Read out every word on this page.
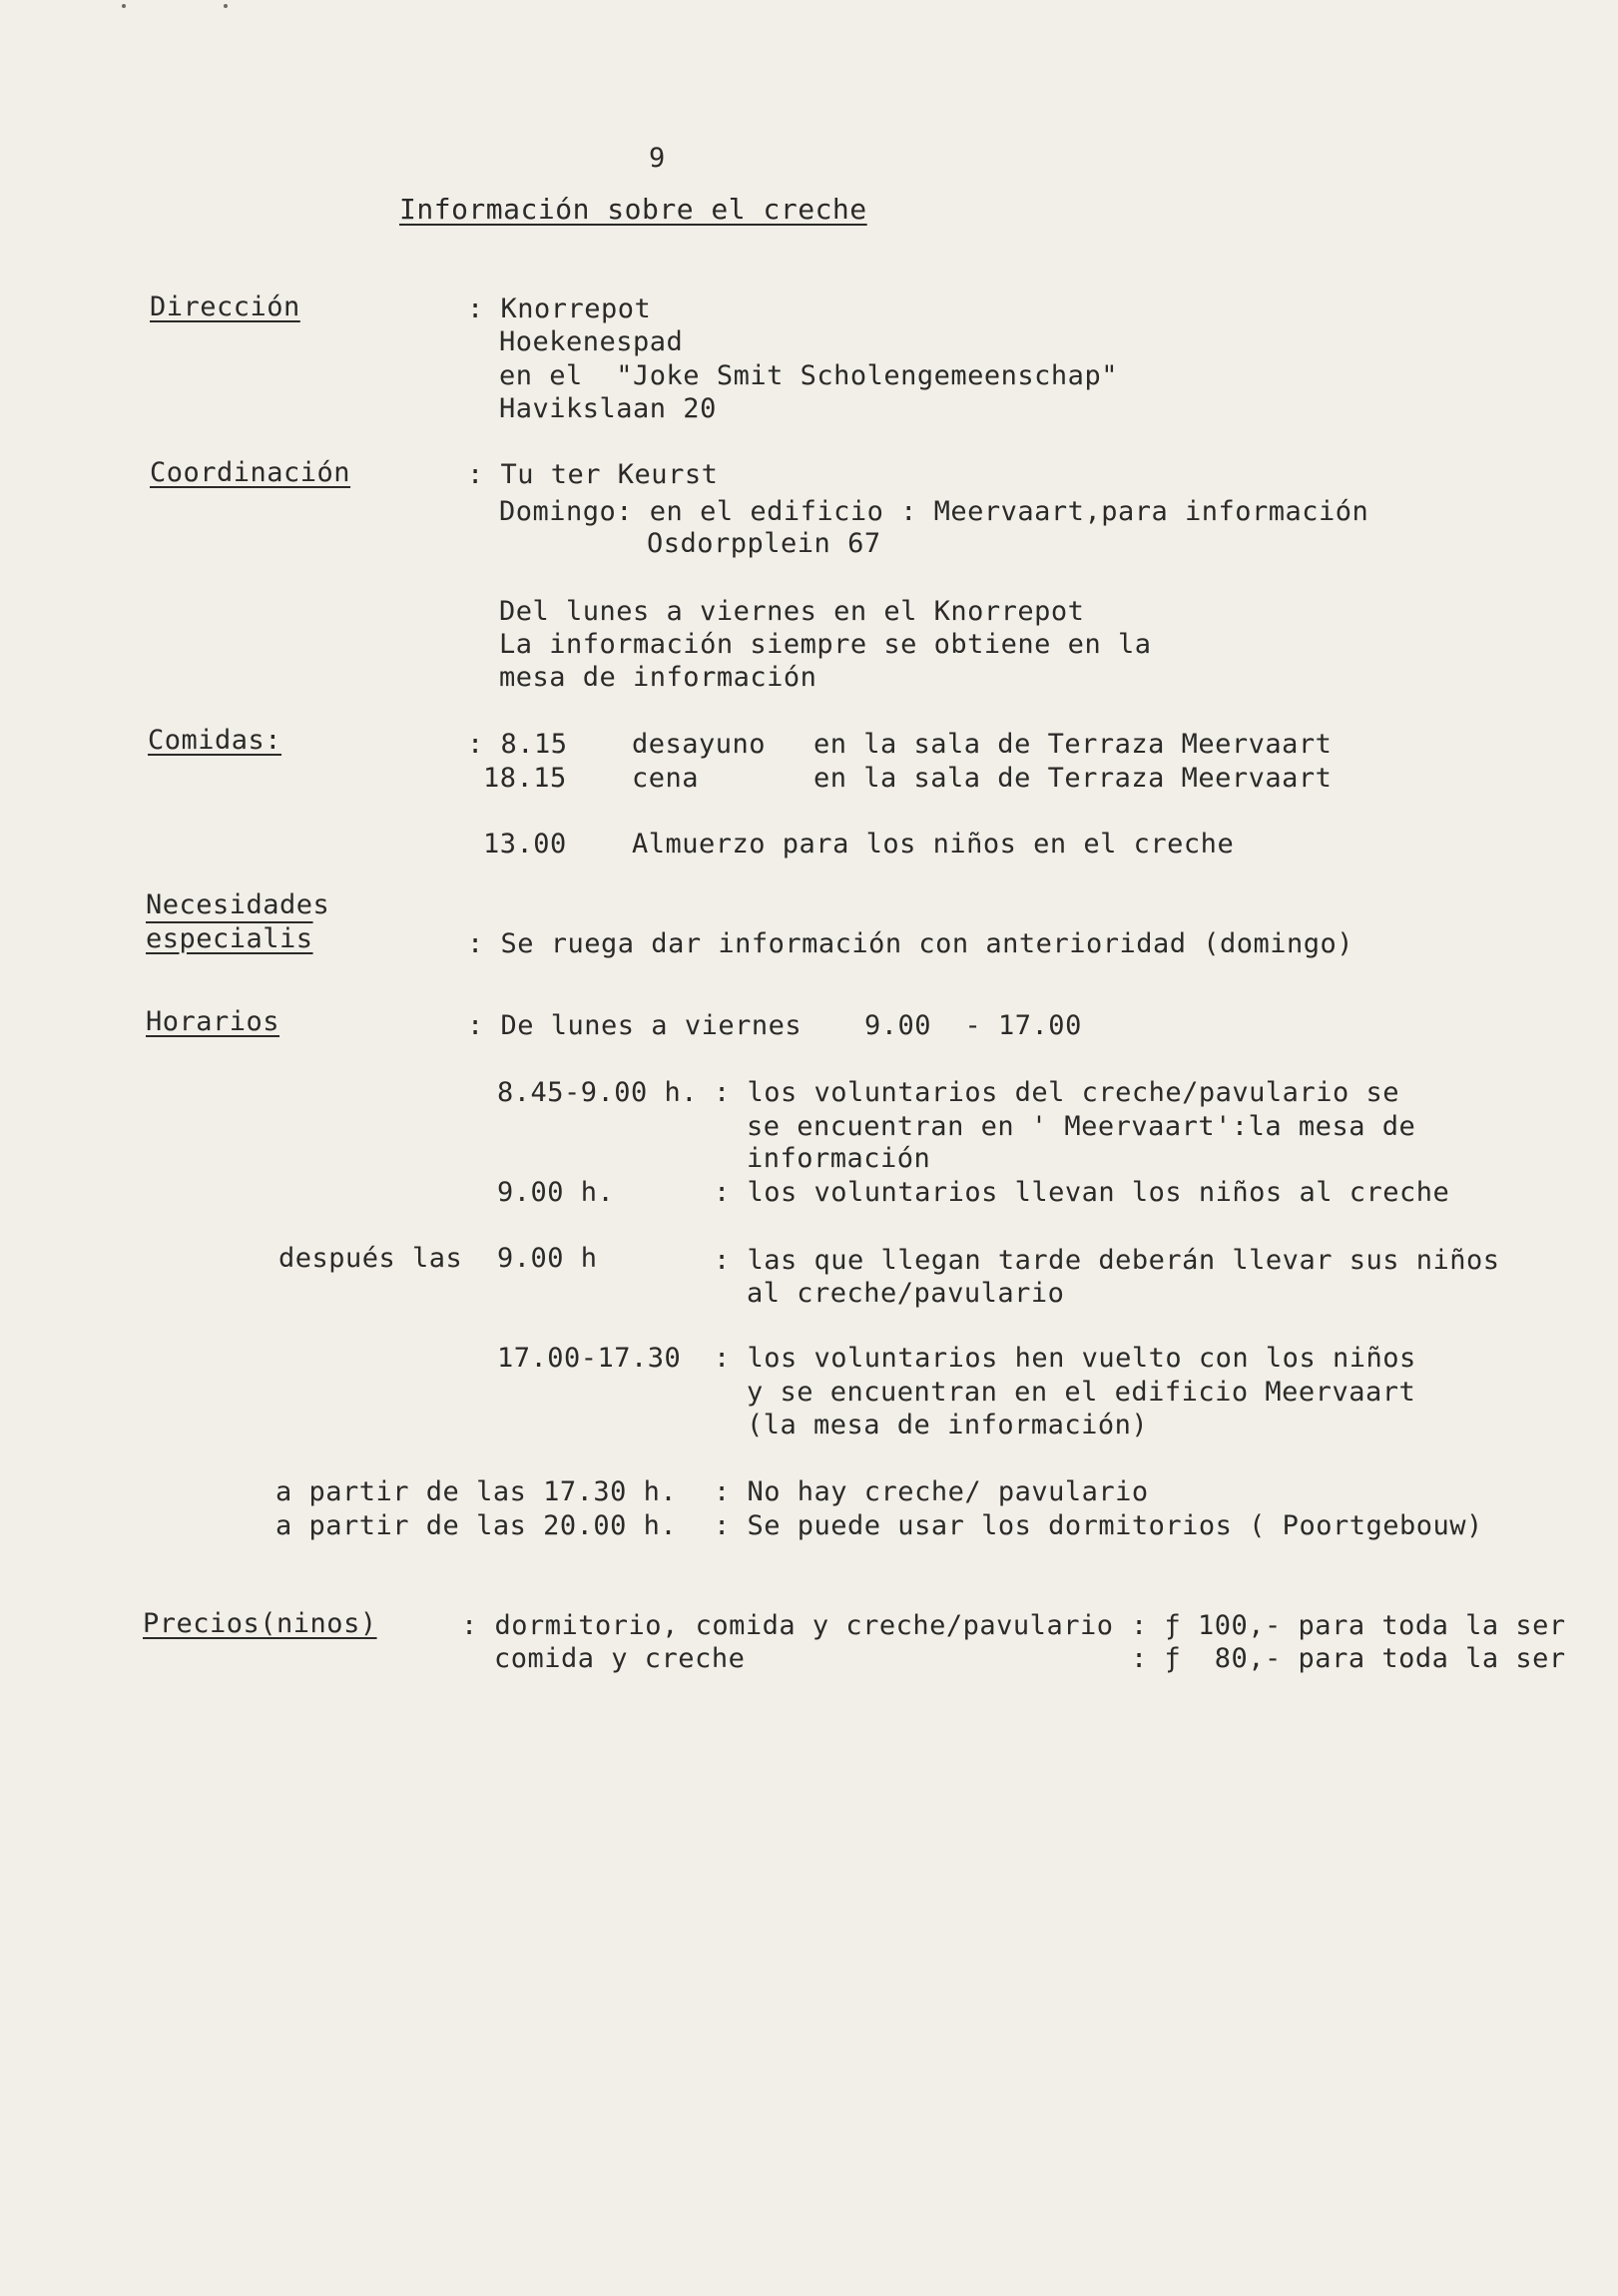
9
Información sobre el creche
Dirección	: Knorrepot
Hoekenespad
en el  "Joke Smit Scholengemeenschap"
Havikslaan 20
Coordinación	: Tu ter Keurst
Domingo: en el edificio : Meervaart,para información
Osdorpplein 67
Del lunes a viernes en el Knorrepot
La información siempre se obtiene en la
mesa de información
Comidas:	: 8.15 desayuno en la sala de Terraza Meervaart
18.15 cena	en la sala de Terraza Meervaart
13.00 Almuerzo para los niños en el creche
Necesidades
especialis	: Se ruega dar información con anterioridad (domingo)
Horarios	: De lunes a viernes 9.00  - 17.00
8.45-9.00 h. : los voluntarios del creche/pavulario se
se encuentran en ' Meervaart':la mesa de
información
9.00 h.	: los voluntarios llevan los niños al creche
después las 9.00 h	: las que llegan tarde deberán llevar sus niños
al creche/pavulario
17.00-17.30 : los voluntarios hen vuelto con los niños
y se encuentran en el edificio Meervaart
(la mesa de información)
a partir de las 17.30 h. : No hay creche/ pavulario
a partir de las 20.00 h. : Se puede usar los dormitorios ( Poortgebouw)
Precios(ninos)	: dormitorio, comida y creche/pavulario : ƒ 100,- para toda la ser
comida y creche	: ƒ  80,- para toda la ser
